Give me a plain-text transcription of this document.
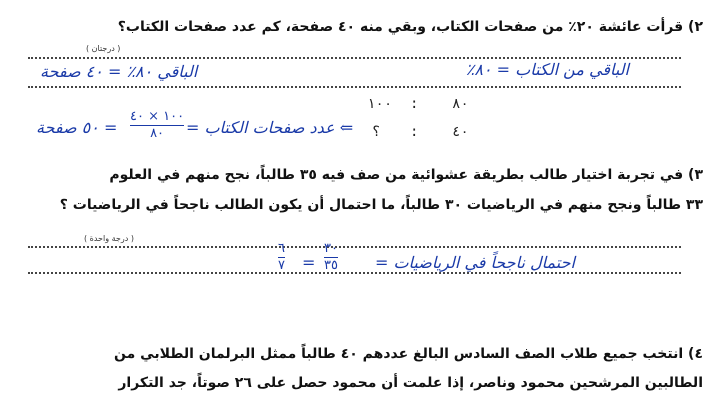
٢) قرأت عائشة ٢٠٪ من صفحات الكتاب، وبقي منه ٤٠ صفحة، كم عدد صفحات الكتاب؟
( درجتان )
الباقي من الكتاب = ٨٠٪
الباقي ٨٠٪ = ٤٠ صفحة
٨٠
:
١٠٠
٤٠
:
؟
⇐ عدد صفحات الكتاب =
١٠٠ × ٤٠
٨٠
= ٥٠ صفحة
٣) في تجربة اختيار طالب بطريقة عشوائية من صف فيه ٣٥ طالباً، نجح منهم في العلوم
٣٣ طالباً ونجح منهم في الرياضيات ٣٠ طالباً، ما احتمال أن يكون الطالب ناجحاً في الرياضيات ؟
( درجة واحدة )
احتمال ناجحاً في الرياضيات =
٣٠
٣٥
=
٦
٧
٤) انتخب جميع طلاب الصف السادس البالغ عددهم ٤٠ طالباً ممثل البرلمان الطلابي من
الطالبين المرشحين محمود وناصر، إذا علمت أن محمود حصل على ٢٦ صوتاً، جد التكرار
